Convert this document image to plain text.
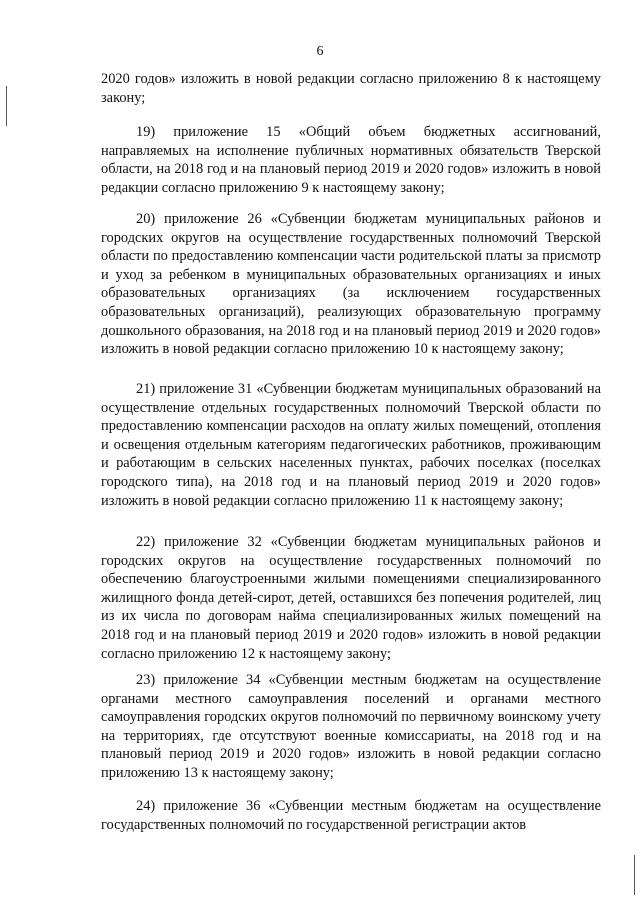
6

2020 годов» изложить в новой редакции согласно приложению 8 к настоящему закону;

19) приложение 15 «Общий объем бюджетных ассигнований, направляемых на исполнение публичных нормативных обязательств Тверской области, на 2018 год и на плановый период 2019 и 2020 годов» изложить в новой редакции согласно приложению 9 к настоящему закону;

20) приложение 26 «Субвенции бюджетам муниципальных районов и городских округов на осуществление государственных полномочий Тверской области по предоставлению компенсации части родительской платы за присмотр и уход за ребенком в муниципальных образовательных организациях и иных образовательных организациях (за исключением государственных образовательных организаций), реализующих образовательную программу дошкольного образования, на 2018 год и на плановый период 2019 и 2020 годов» изложить в новой редакции согласно приложению 10 к настоящему закону;

21) приложение 31 «Субвенции бюджетам муниципальных образований на осуществление отдельных государственных полномочий Тверской области по предоставлению компенсации расходов на оплату жилых помещений, отопления и освещения отдельным категориям педагогических работников, проживающим и работающим в сельских населенных пунктах, рабочих поселках (поселках городского типа), на 2018 год и на плановый период 2019 и 2020 годов» изложить в новой редакции согласно приложению 11 к настоящему закону;

22) приложение 32 «Субвенции бюджетам муниципальных районов и городских округов на осуществление государственных полномочий по обеспечению благоустроенными жилыми помещениями специализированного жилищного фонда детей-сирот, детей, оставшихся без попечения родителей, лиц из их числа по договорам найма специализированных жилых помещений на 2018 год и на плановый период 2019 и 2020 годов» изложить в новой редакции согласно приложению 12 к настоящему закону;

23) приложение 34 «Субвенции местным бюджетам на осуществление органами местного самоуправления поселений и органами местного самоуправления городских округов полномочий по первичному воинскому учету на территориях, где отсутствуют военные комиссариаты, на 2018 год и на плановый период 2019 и 2020 годов» изложить в новой редакции согласно приложению 13 к настоящему закону;

24) приложение 36 «Субвенции местным бюджетам на осуществление государственных полномочий по государственной регистрации актов
